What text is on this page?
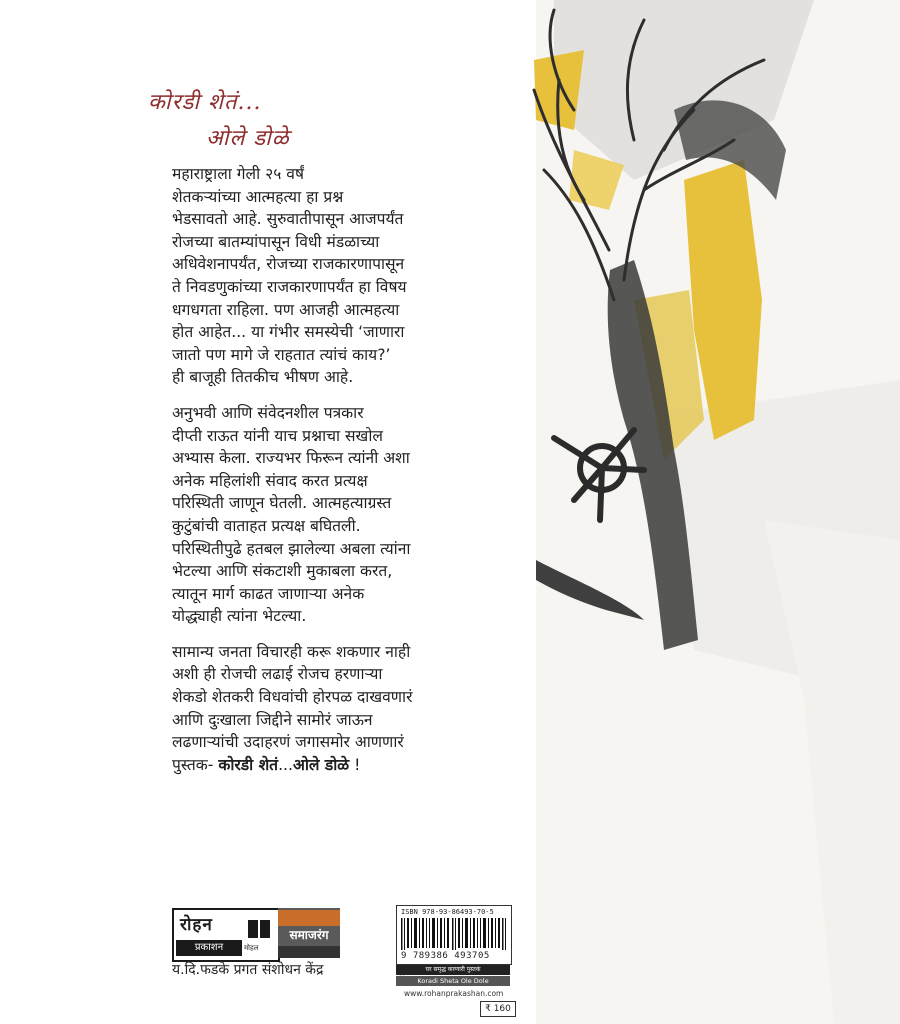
कोरडी शेतं...
ओले डोळे
महाराष्ट्राला गेली २५ वर्षं
शेतकऱ्यांच्या आत्महत्या हा प्रश्न
भेडसावतो आहे. सुरुवातीपासून आजपर्यंत
रोजच्या बातम्यांपासून विधी मंडळाच्या
अधिवेशनापर्यंत, रोजच्या राजकारणापासून
ते निवडणुकांच्या राजकारणापर्यंत हा विषय
धगधगता राहिला. पण आजही आत्महत्या
होत आहेत... या गंभीर समस्येची ‘जाणारा
जातो पण मागे जे राहतात त्यांचं काय?’
ही बाजूही तितकीच भीषण आहे.
अनुभवी आणि संवेदनशील पत्रकार
दीप्ती राऊत यांनी याच प्रश्नाचा सखोल
अभ्यास केला. राज्यभर फिरून त्यांनी अशा
अनेक महिलांशी संवाद करत प्रत्यक्ष
परिस्थिती जाणून घेतली. आत्महत्याग्रस्त
कुटुंबांची वाताहत प्रत्यक्ष बघितली.
परिस्थितीपुढे हतबल झालेल्या अबला त्यांना
भेटल्या आणि संकटाशी मुकाबला करत,
त्यातून मार्ग काढत जाणाऱ्या अनेक
योद्ध्याही त्यांना भेटल्या.
सामान्य जनता विचारही करू शकणार नाही
अशी ही रोजची लढाई रोजच हरणाऱ्या
शेकडो शेतकरी विधवांची होरपळ दाखवणारं
आणि दुःखाला जिद्दीने सामोरं जाऊन
लढणाऱ्यांची उदाहरणं जगासमोर आणणारं
पुस्तक- कोरडी शेतं...ओले डोळे !
रोहन
प्रकाशन	मोहल
समाजरंग
य.दि.फडके प्रगत संशोधन केंद्र
ISBN 978-93-86493-70-5
9 789386 493705
घर समृद्ध करणारी पुस्तकं
Koradi Sheta Ole Dole
www.rohanprakashan.com
₹ 160
